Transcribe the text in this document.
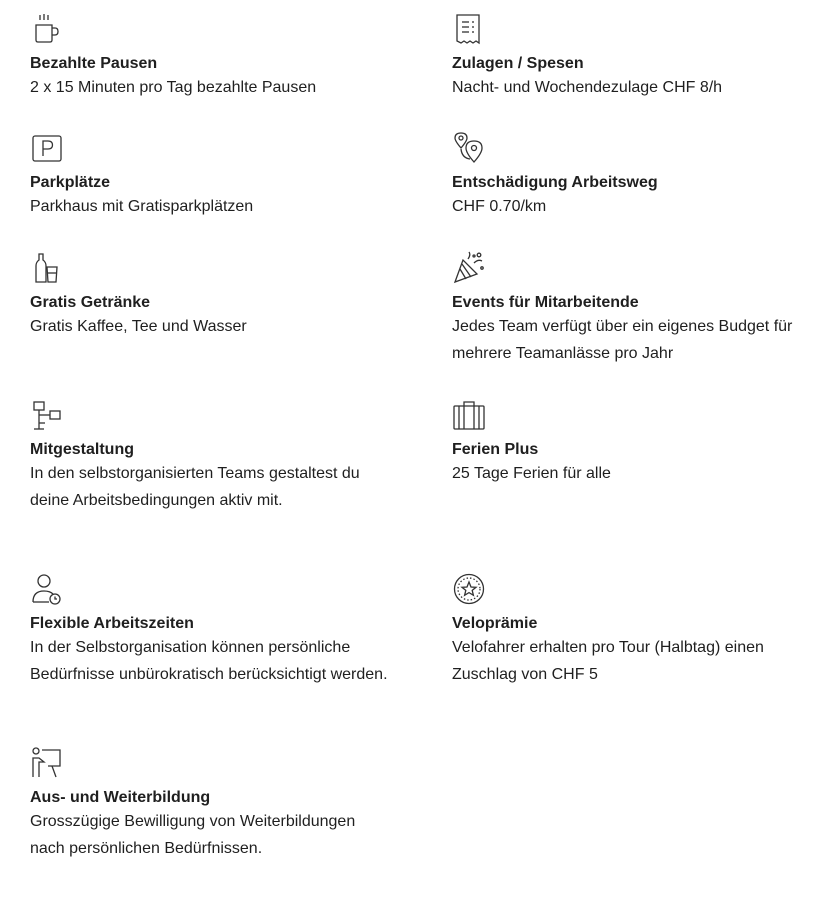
Bezahlte Pausen

2 x 15 Minuten pro Tag bezahlte Pausen

Zulagen / Spesen

Nacht- und Wochendezulage CHF 8/h

Parkplätze

Parkhaus mit Gratisparkplätzen

Entschädigung Arbeitsweg

CHF 0.70/km

Gratis Getränke

Gratis Kaffee, Tee und Wasser

Events für Mitarbeitende

Jedes Team verfügt über ein eigenes Budget für mehrere Teamanlässe pro Jahr

Mitgestaltung

In den selbstorganisierten Teams gestaltest du deine Arbeitsbedingungen aktiv mit.

Ferien Plus

25 Tage Ferien für alle

Flexible Arbeitszeiten

In der Selbstorganisation können persönliche Bedürfnisse unbürokratisch berücksichtigt werden.

Veloprämie

Velofahrer erhalten pro Tour (Halbtag) einen Zuschlag von CHF 5

Aus- und Weiterbildung

Grosszügige Bewilligung von Weiterbildungen nach persönlichen Bedürfnissen.
